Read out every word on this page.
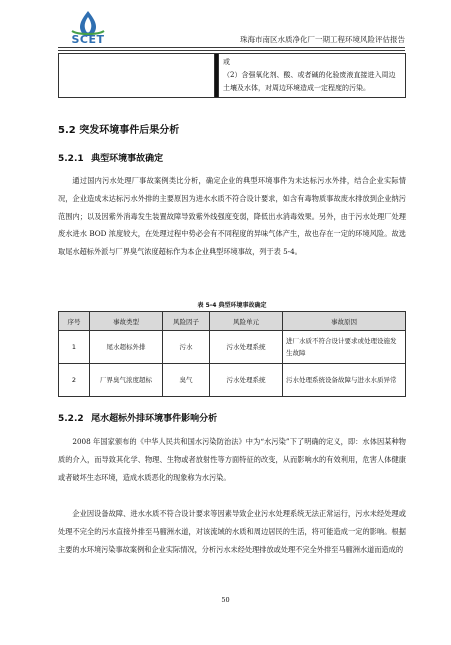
SCET	珠海市南区水质净化厂一期工程环境风险评估报告

或
（2）含强氧化剂、酸、或者碱的化验废液直接进入周边土壤及水体，对周边环境造成一定程度的污染。
5.2 突发环境事件后果分析
5.2.1 典型环境事故确定

通过国内污水处理厂事故案例类比分析，确定企业的典型环境事件为未达标污水外排，结合企业实际情况，企业造成未达标污水外排的主要原因为进水水质不符合设计要求，如含有毒物质事故废水排放到企业纳污范围内；以及因紫外消毒发生装置故障导致紫外线强度变弱，降低出水消毒效果。另外，由于污水处理厂处理废水进水 BOD 浓度较大，在处理过程中势必会有不同程度的异味气体产生，故也存在一定的环境风险。故选取尾水超标外派与厂界臭气浓度超标作为本企业典型环境事故，列于表 5-4。

表 5-4 典型环境事故确定
序号	事故类型	风险因子	风险单元	事故原因
1	尾水超标外排	污水	污水处理系统	进厂水质不符合设计要求或处理设施发生故障
2	厂界臭气浓度超标	臭气	污水处理系统	污水处理系统设备故障与进水水质异常
5.2.2 尾水超标外排环境事件影响分析

2008 年国家颁布的《中华人民共和国水污染防治法》中为“水污染”下了明确的定义，即：水体因某种物质的介入，而导致其化学、物理、生物或者放射性等方面特征的改变，从而影响水的有效利用，危害人体健康或者破坏生态环境，造成水质恶化的现象称为水污染。

企业因设备故障、进水水质不符合设计要求等因素导致企业污水处理系统无法正常运行，污水未经处理或处理不完全的污水直接外排至马骝洲水道，对该流域的水质和周边居民的生活，将可能造成一定的影响。根据主要的水环境污染事故案例和企业实际情况，分析污水未经处理排放或处理不完全外排至马骝洲水道而造成的

50
